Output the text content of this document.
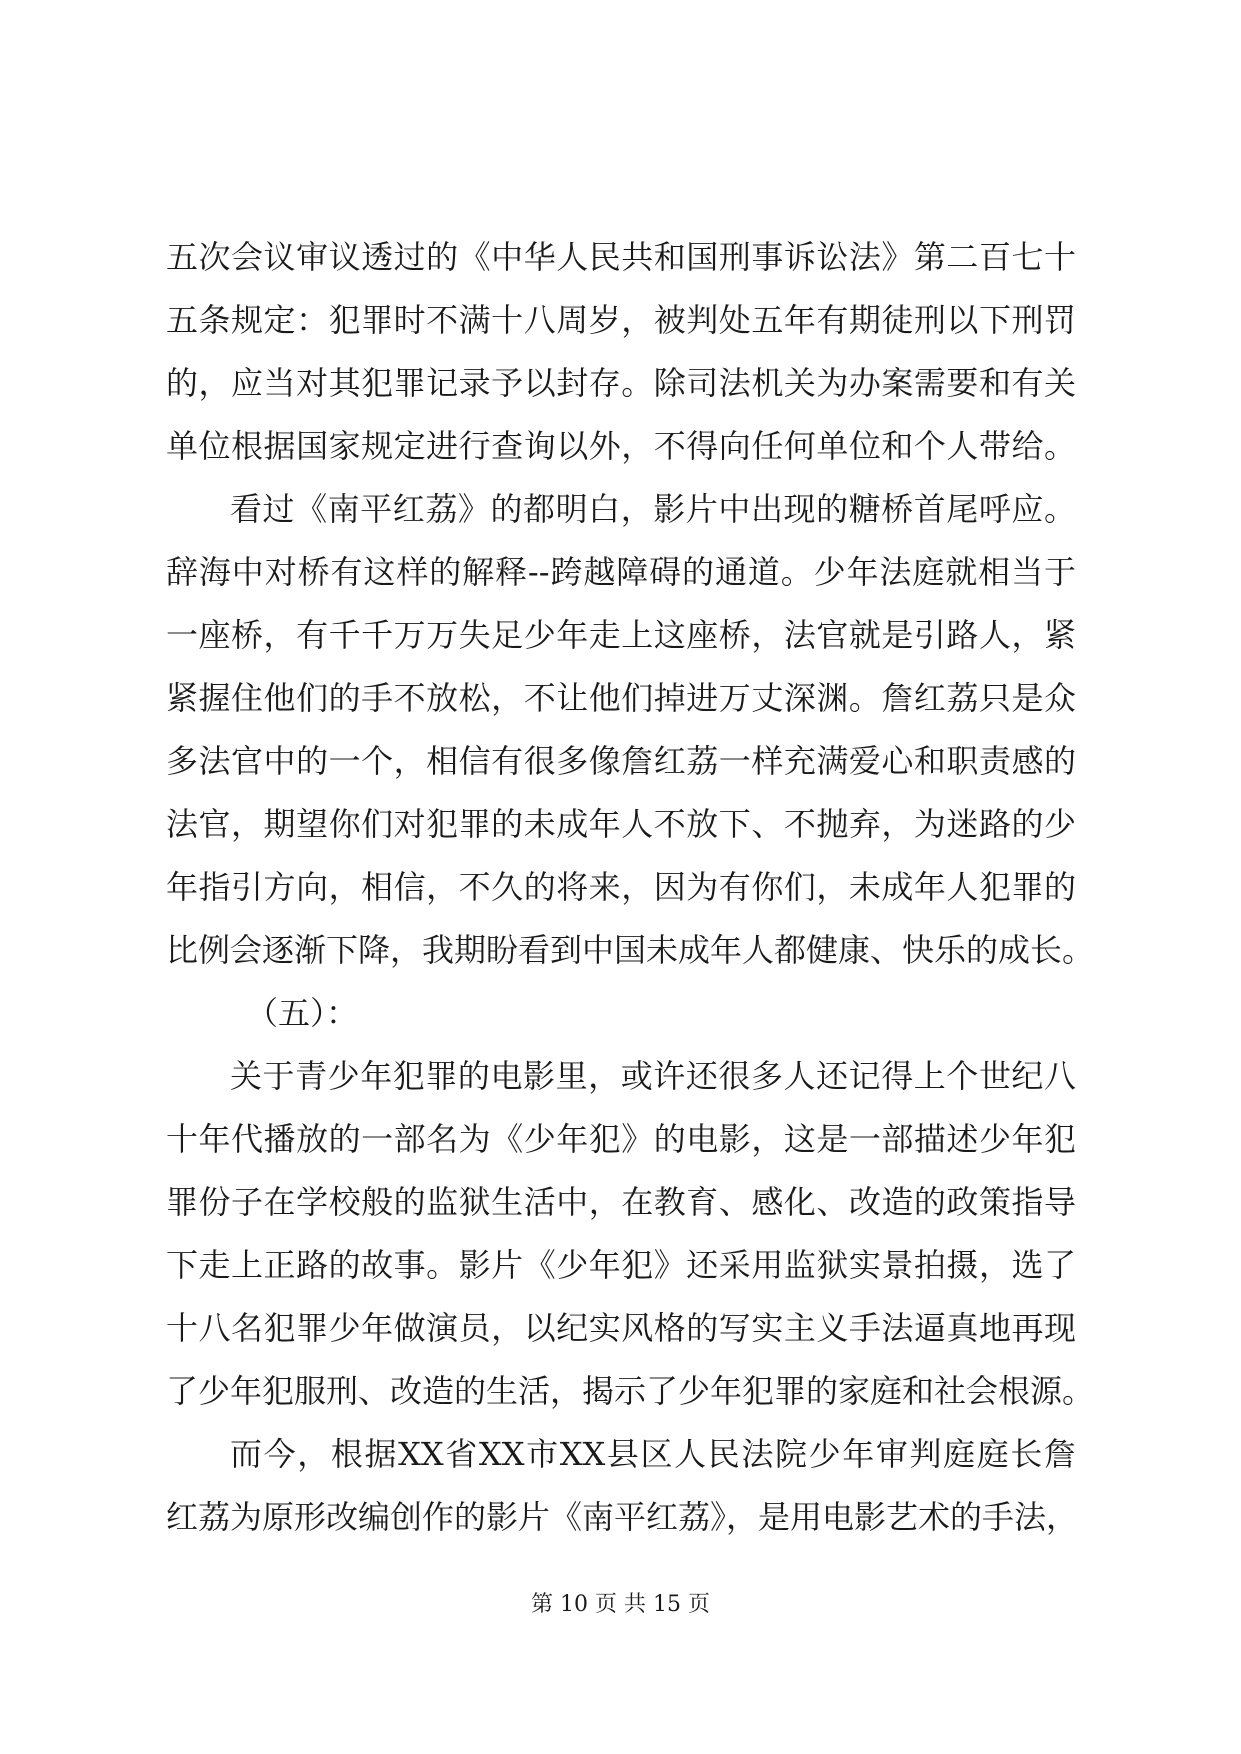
五次会议审议透过的《中华人民共和国刑事诉讼法》第二百七十
五条规定：犯罪时不满十八周岁，被判处五年有期徒刑以下刑罚
的，应当对其犯罪记录予以封存。除司法机关为办案需要和有关
单位根据国家规定进行查询以外，不得向任何单位和个人带给。
看过《南平红荔》的都明白，影片中出现的糖桥首尾呼应。
辞海中对桥有这样的解释--跨越障碍的通道。少年法庭就相当于
一座桥，有千千万万失足少年走上这座桥，法官就是引路人，紧
紧握住他们的手不放松，不让他们掉进万丈深渊。詹红荔只是众
多法官中的一个，相信有很多像詹红荔一样充满爱心和职责感的
法官，期望你们对犯罪的未成年人不放下、不抛弃，为迷路的少
年指引方向，相信，不久的将来，因为有你们，未成年人犯罪的
比例会逐渐下降，我期盼看到中国未成年人都健康、快乐的成长。
（五）：
关于青少年犯罪的电影里，或许还很多人还记得上个世纪八
十年代播放的一部名为《少年犯》的电影，这是一部描述少年犯
罪份子在学校般的监狱生活中，在教育、感化、改造的政策指导
下走上正路的故事。影片《少年犯》还采用监狱实景拍摄，选了
十八名犯罪少年做演员，以纪实风格的写实主义手法逼真地再现
了少年犯服刑、改造的生活，揭示了少年犯罪的家庭和社会根源。
而今，根据XX省XX市XX县区人民法院少年审判庭庭长詹
红荔为原形改编创作的影片《南平红荔》，是用电影艺术的手法，
第 10 页 共 15 页
